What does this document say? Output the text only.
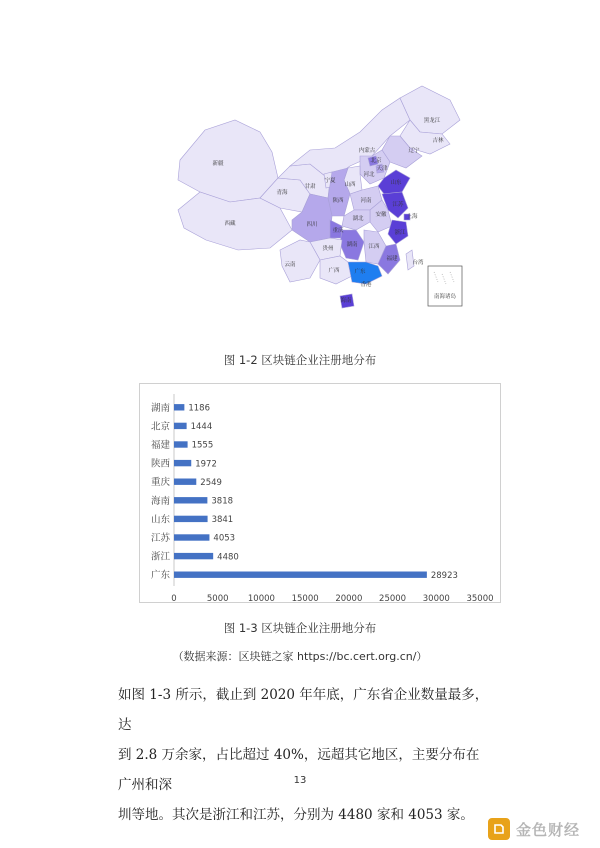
黑龙江
吉林
辽宁
内蒙古
北京
天津
河北
新疆
西藏
青海
甘肃
宁夏
山西
陕西
山东
河南
江苏
安徽	上海
四川
重庆
湖北
浙江
湖南 江西
贵州
福建
云南
广西	广东
台湾
香港
海南
南海诸岛
图 1-2 区块链企业注册地分布
湖南 1186
北京 1444
福建	1555
陕西	1972
重庆	2549
海南	3818
山东	3841
江苏	4053
浙江	4480
广东	28923
0	5000 10000 15000 20000 25000 30000 35000
图 1-3 区块链企业注册地分布
（数据来源：区块链之家 https://bc.cert.org.cn/）
如图 1-3 所示，截止到 2020 年年底，广东省企业数量最多，达
到 2.8 万余家，占比超过 40%，远超其它地区，主要分布在广州和深
圳等地。其次是浙江和江苏，分别为 4480 家和 4053 家。
13
金色财经
